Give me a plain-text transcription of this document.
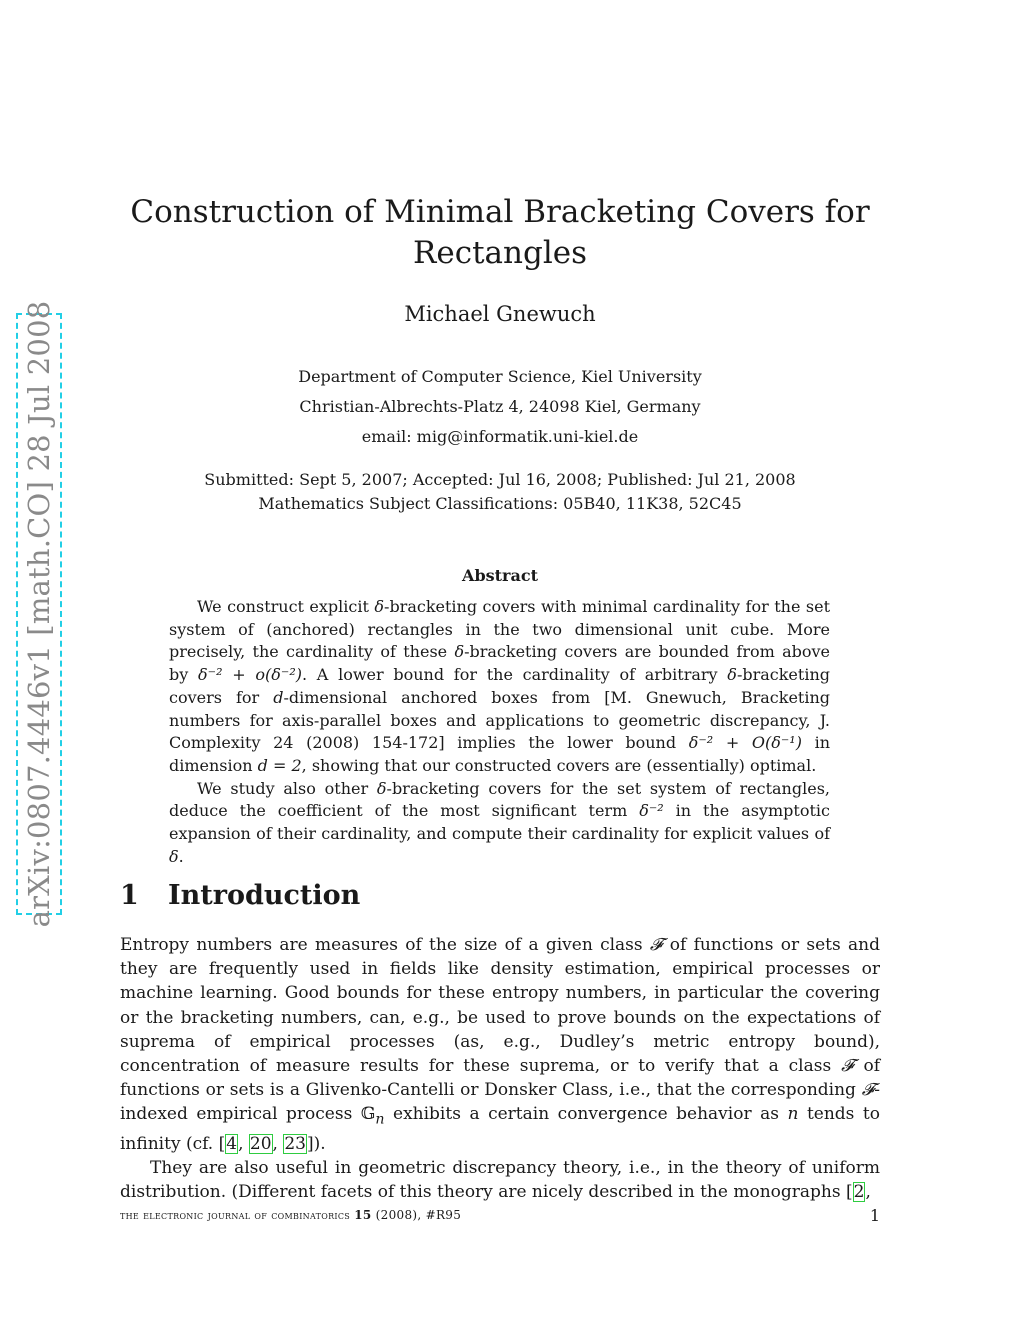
arXiv:0807.4446v1 [math.CO] 28 Jul 2008
Construction of Minimal Bracketing Covers for
Rectangles
Michael Gnewuch
Department of Computer Science, Kiel University
Christian-Albrechts-Platz 4, 24098 Kiel, Germany
email: mig@informatik.uni-kiel.de
Submitted: Sept 5, 2007; Accepted: Jul 16, 2008; Published: Jul 21, 2008
Mathematics Subject Classifications: 05B40, 11K38, 52C45
Abstract

We construct explicit δ-bracketing covers with minimal cardinality for the set system of (anchored) rectangles in the two dimensional unit cube. More precisely, the cardinality of these δ-bracketing covers are bounded from above by δ⁻² + o(δ⁻²). A lower bound for the cardinality of arbitrary δ-bracketing covers for d-dimensional anchored boxes from [M. Gnewuch, Bracketing numbers for axis-parallel boxes and applications to geometric discrepancy, J. Complexity 24 (2008) 154-172] implies the lower bound δ⁻² + O(δ⁻¹) in dimension d = 2, showing that our constructed covers are (essentially) optimal.

We study also other δ-bracketing covers for the set system of rectangles, deduce the coefficient of the most significant term δ⁻² in the asymptotic expansion of their cardinality, and compute their cardinality for explicit values of δ.

1 Introduction

Entropy numbers are measures of the size of a given class 𝓕 of functions or sets and they are frequently used in fields like density estimation, empirical processes or machine learning. Good bounds for these entropy numbers, in particular the covering or the bracketing numbers, can, e.g., be used to prove bounds on the expectations of suprema of empirical processes (as, e.g., Dudley’s metric entropy bound), concentration of measure results for these suprema, or to verify that a class 𝓕 of functions or sets is a Glivenko-Cantelli or Donsker Class, i.e., that the corresponding 𝓕-indexed empirical process 𝔾$_n$ exhibits a certain convergence behavior as n tends to infinity (cf. [4, 20, 23]).

They are also useful in geometric discrepancy theory, i.e., in the theory of uniform distribution. (Different facets of this theory are nicely described in the monographs [2,

the electronic journal of combinatorics 15 (2008), #R95	1
